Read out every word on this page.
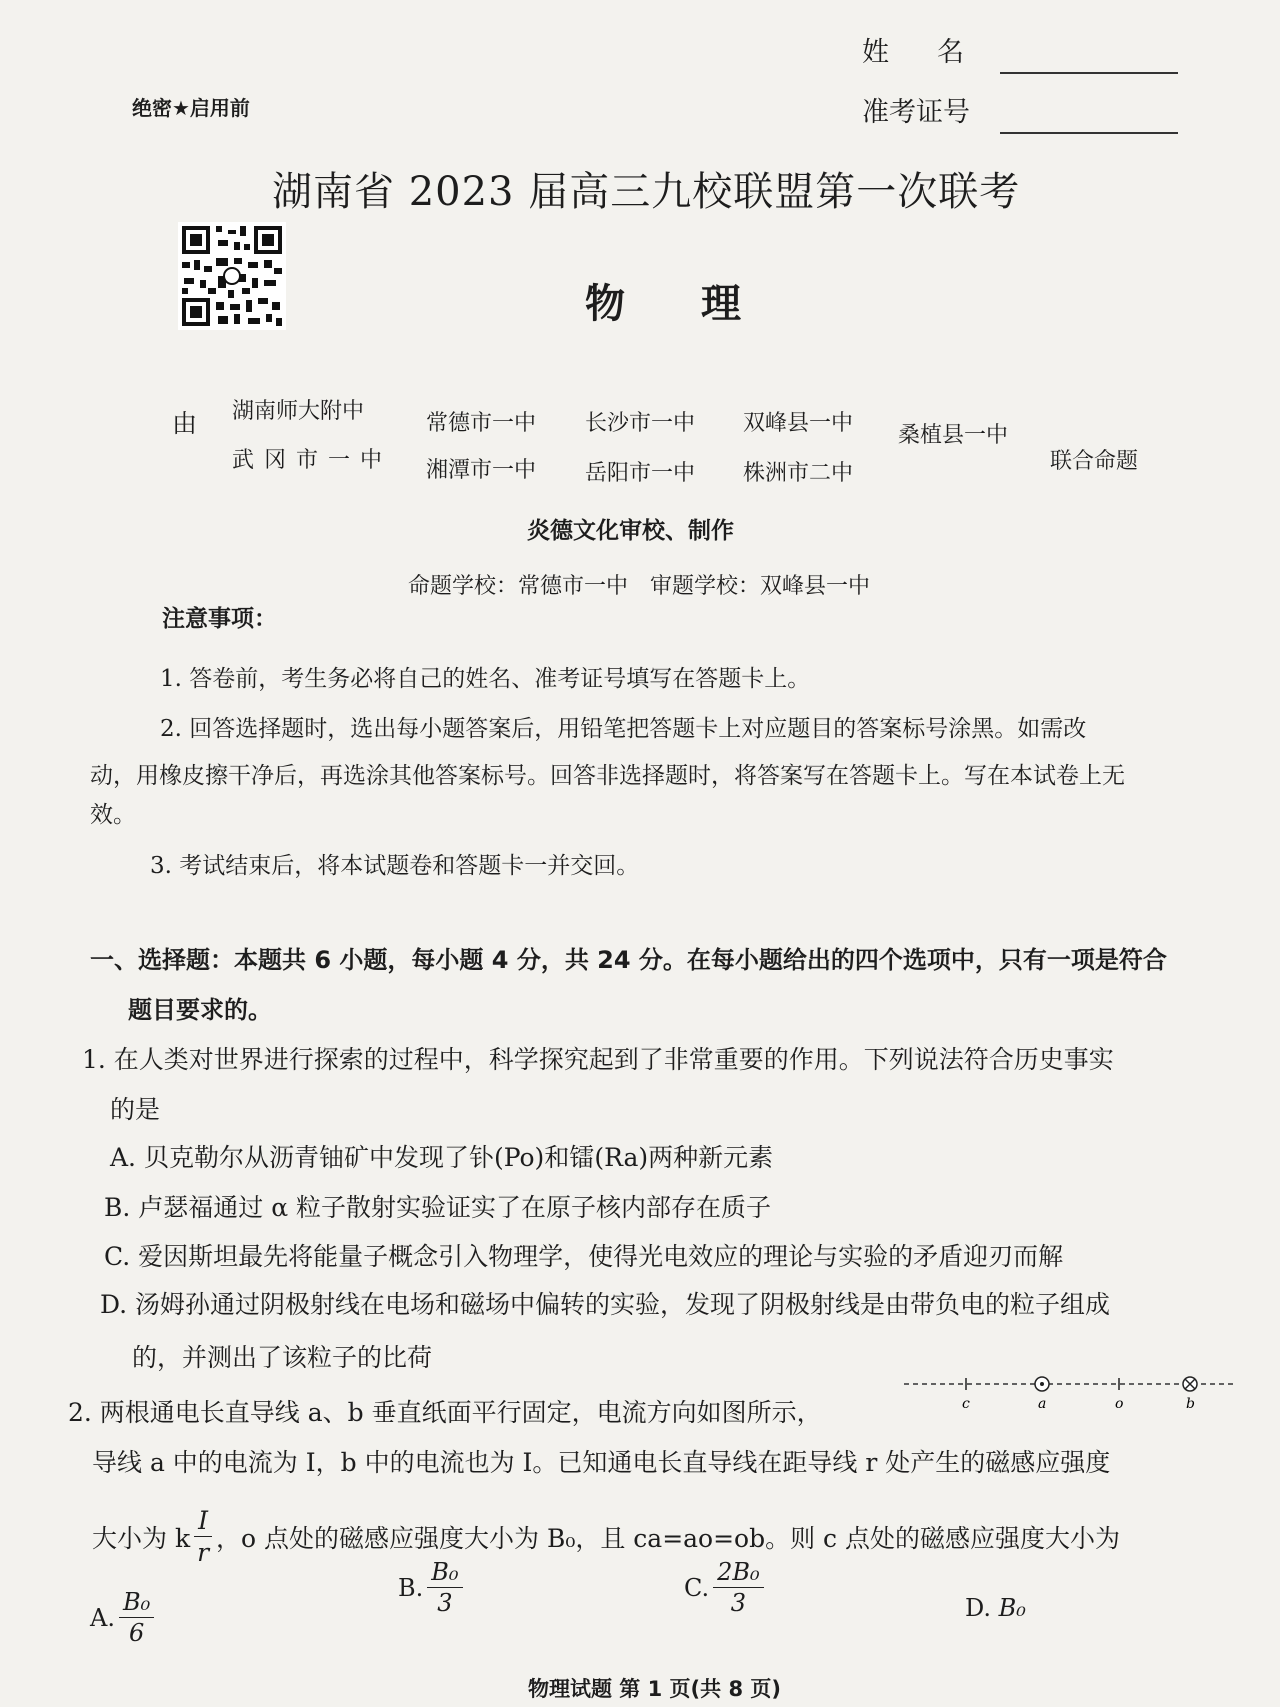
绝密★启用前
姓名
准考证号
湖南省 2023 届高三九校联盟第一次联考
物理
由 湖南师大附中	常德市一中 长沙市一中 双峰县一中 桑植县一中
武冈市一中 湘潭市一中 岳阳市一中 株洲市二中	联合命题
炎德文化审校、制作
命题学校：常德市一中　审题学校：双峰县一中
注意事项：
1. 答卷前，考生务必将自己的姓名、准考证号填写在答题卡上。
2. 回答选择题时，选出每小题答案后，用铅笔把答题卡上对应题目的答案标号涂黑。如需改
动，用橡皮擦干净后，再选涂其他答案标号。回答非选择题时，将答案写在答题卡上。写在本试卷上无
效。
3. 考试结束后，将本试题卷和答题卡一并交回。
一、选择题：本题共 6 小题，每小题 4 分，共 24 分。在每小题给出的四个选项中，只有一项是符合
题目要求的。
1. 在人类对世界进行探索的过程中，科学探究起到了非常重要的作用。下列说法符合历史事实
的是
A. 贝克勒尔从沥青铀矿中发现了钋(Po)和镭(Ra)两种新元素
B. 卢瑟福通过 α 粒子散射实验证实了在原子核内部存在质子
C. 爱因斯坦最先将能量子概念引入物理学，使得光电效应的理论与实验的矛盾迎刃而解
D. 汤姆孙通过阴极射线在电场和磁场中偏转的实验，发现了阴极射线是由带负电的粒子组成
的，并测出了该粒子的比荷
2. 两根通电长直导线 a、b 垂直纸面平行固定，电流方向如图所示，	c	a	o	b
导线 a 中的电流为 I，b 中的电流也为 I。已知通电长直导线在距导线 r 处产生的磁感应强度
大小为 k $\frac{I}{r}$ ，o 点处的磁感应强度大小为 B₀，且 ca=ao=ob。则 c 点处的磁感应强度大小为
A. $\frac{\text{B₀}}{6}$
B. $\frac{\text{B₀}}{3}$	C. $\frac{\text{2B₀}}{3}$	D. B₀
物理试题 第 1 页(共 8 页)
